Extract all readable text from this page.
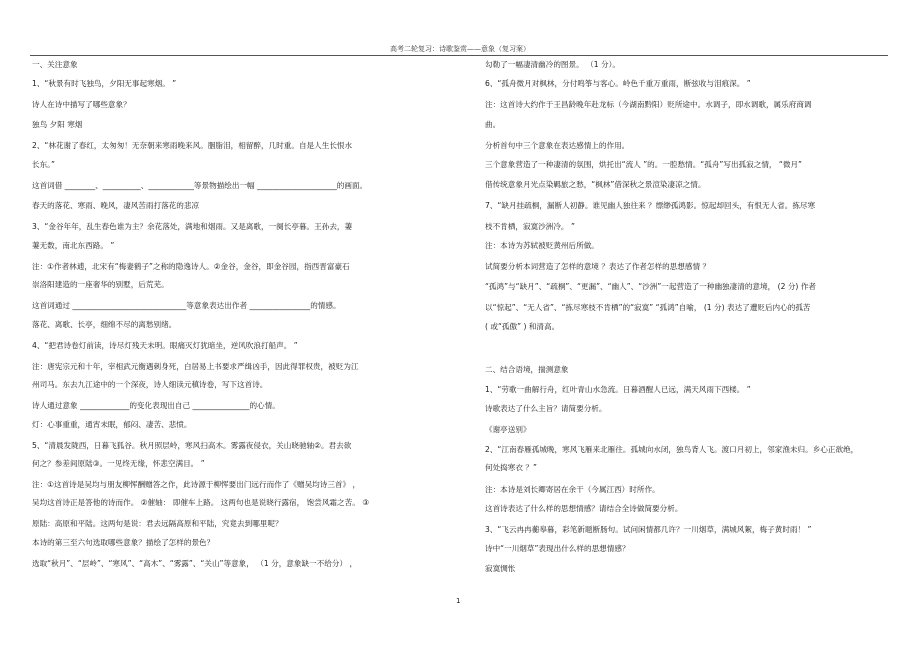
高考二轮复习：诗歌鉴赏——意象（复习案）
一、关注意象
1、“秋景有时飞独鸟，夕阳无事起寒烟。 ”
诗人在诗中描写了哪些意象？
独鸟 夕阳 寒烟
2、“林花谢了春红，太匆匆！无奈朝来寒雨晚来风。胭脂泪，相留醉，几时重。自是人生长恨水
长东。”
这首词借 ________、__________、____________等景物描绘出一幅 _____________________的画面。
春天的落花、寒雨、晚风，凄风苦雨打落花的悲凉
3、“金谷年年，乱生春色谁为主？余花落处，满地和烟雨。又是离歌，一阕长亭暮。王孙去，萋
萋无数，南北东西路。 ”
注：①作者林逋，北宋有“梅妻鹤子”之称的隐逸诗人。②金谷，金谷，即金谷园，指西晋富豪石
崇洛阳建造的一座奢华的别墅，后荒芜。
这首词通过 ______________________________等意象表达出作者 ________________的情感。
落花、离歌、长亭，细绵不尽的离愁别绪。
4、“把君诗卷灯前读，诗尽灯残天未明。眼痛灭灯犹暗坐，逆风吹浪打船声。 ”
注：唐宪宗元和十年，宰相武元衡遇刺身死，白居易上书要求严缉凶手，因此得罪权贵，被贬为江
州司马。东去九江途中的一个深夜，诗人细读元稹诗卷，写下这首诗。
诗人通过意象 _____________的变化表现出自己 _______________的心情。
灯：心事重重，通宵未眠，郁闷、凄苦、悲愤。
5、“清晨发陇西，日暮飞狐谷。秋月照层岭，寒风扫高木。雾露夜侵衣，关山晓驰轴②。君去欲
何之？参差间原陆③。一见终无缘，怀悲空满目。 ”
注：①这首诗是吴均与朋友柳恽酬赠答之作，此诗源于柳恽要出门远行而作了《赠吴均诗三首》 ，
吴均这首诗正是答他的诗而作。 ②催轴： 即催车上路。 这两句也是说晓行露宿， 饱尝风霜之苦。 ③
原陆：高原和平陆。这两句是说：君去远隔高原和平陆，究竟去到哪里呢？
本诗的第三至六句选取哪些意象？描绘了怎样的景色？
选取“秋月”、“层岭”、“寒风”、“高木”、“雾露”、“关山”等意象， （1 分，意象缺一不给分） ，
勾勒了一幅凄清幽冷的图景。 （1 分）。
6、“孤舟微月对枫林，分付鸣筝与客心。岭色千重万重雨，断弦收与泪痕深。 ”
注：这首诗大约作于王昌龄晚年赴龙标（今湖南黔阳）贬所途中。水调子，即水调歌，属乐府商调
曲。
分析首句中三个意象在表达感情上的作用。
三个意象营造了一种凄清的氛围，烘托出“流人 ”的。一腔愁情。“孤舟”写出孤寂之情， “微月”
借传统意象月光点染羁旅之愁，“枫林”借深秋之景渲染凄凉之情。
7、“缺月挂疏桐，漏断人初静。谁见幽人独往来 ？缥缈孤鸿影。惊起却回头，有恨无人省。拣尽寒
枝不肯栖，寂寞沙洲冷。 ”
注：本诗为苏轼被贬黄州后所做。
试简要分析本词营造了怎样的意境 ？表达了作者怎样的思想感情 ？
“孤鸿”与“缺月”、“疏桐”、“更漏”、“幽人”、“沙洲”一起营造了一种幽独凄清的意境， (2 分) 作者
以“惊起”、“无人省”、“拣尽寒枝不肯栖”的“寂寞” “孤鸿”自喻， (1 分) 表达了遭贬后内心的孤苦
( 或“孤傲” ) 和清高。
二、结合语境，揣测意象
1、“劳歌一曲解行舟，红叶青山水急流。日暮酒醒人已远，满天风雨下西楼。 ”
诗歌表达了什么主旨？请简要分析。
《谢亭送别》
2、“江南春雁孤城晚，寒风飞雁来北雁往。孤城向水闭，独鸟背人飞。渡口月初上，邻家渔未归。乡心正欲绝，
何处捣寒衣 ？”
注：本诗是刘长卿寄居在余干（今属江西）时所作。
这首诗表达了什么样的思想情感？请结合全诗做简要分析。
3、“飞云冉冉蘅皋暮，彩笔新题断肠句。试问闲情都几许？一川烟草，满城风絮，梅子黄时雨！ ”
诗中“一川烟草”表现出什么样的思想情感？
寂寞惆怅
1
